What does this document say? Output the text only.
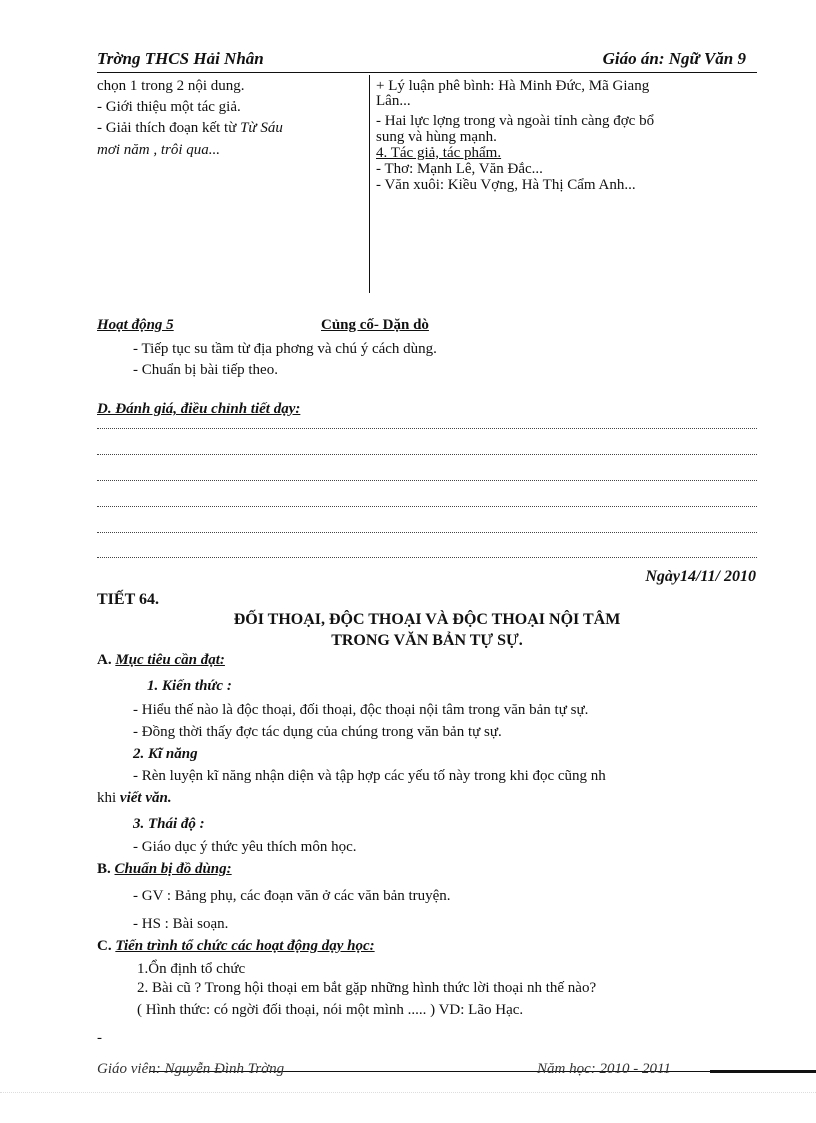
Trờng THCS Hải Nhân	Giáo án: Ngữ Văn 9
chọn 1 trong 2 nội dung.
- Giới thiệu một tác giả.
- Giải thích đoạn kết từ Từ Sáu
mơi năm , trôi qua...
+ Lý luận phê bình: Hà Minh Đức, Mã Giang
Lân...
- Hai lực lợng trong và ngoài tỉnh càng đợc bổ
sung và hùng mạnh.
4. Tác giả, tác phẩm.
- Thơ: Mạnh Lê, Văn Đắc...
- Văn xuôi: Kiều Vợng, Hà Thị Cẩm Anh...
Hoạt động 5	Củng cố- Dặn dò
- Tiếp tục su tầm từ địa phơng và chú ý cách dùng.
- Chuẩn bị bài tiếp theo.
D. Đánh giá, điều chỉnh tiết dạy:
Ngày14/11/ 2010
TIẾT 64.
ĐỐI THOẠI, ĐỘC THOẠI VÀ ĐỘC THOẠI NỘI TÂM
TRONG VĂN BẢN TỰ SỰ.
A. Mục tiêu cần đạt:
1. Kiến thức :
- Hiểu thế nào là độc thoại, đối thoại, độc thoại nội tâm trong văn bản tự sự.
- Đồng thời thấy đợc tác dụng của chúng trong văn bản tự sự.
2. Kĩ năng
- Rèn luyện kĩ năng nhận diện và tập hợp các yếu tố này trong khi đọc cũng nh
khi viết văn.
3. Thái độ :
- Giáo dục ý thức yêu thích môn học.
B. Chuẩn bị đồ dùng:
- GV : Bảng phụ, các đoạn văn ở các văn bản truyện.
- HS : Bài soạn.
C. Tiến trình tổ chức các hoạt động dạy học:
1.Ổn định tổ chức
2. Bài cũ ? Trong hội thoại em bắt gặp những hình thức lời thoại nh thế nào?
( Hình thức: có ngời đối thoại, nói một mình ..... ) VD: Lão Hạc.
-
Giáo viên: Nguyễn Đình Trờng	Năm học: 2010 - 2011
